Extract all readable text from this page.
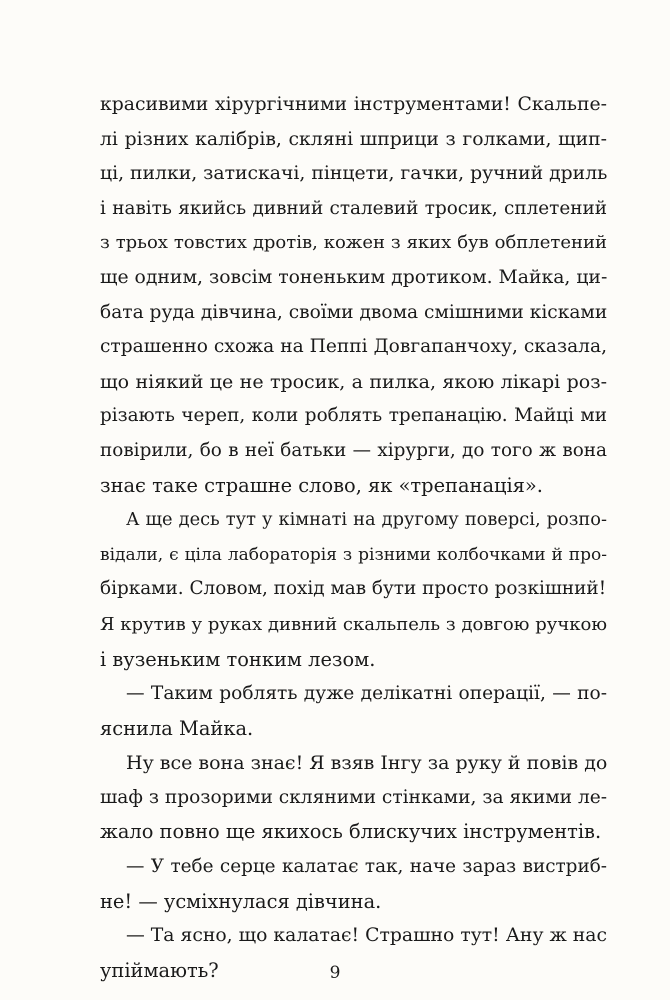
красивими хірургічними інструментами! Скальпе-
лі різних калібрів, скляні шприци з голками, щип-
ці, пилки, затискачі, пінцети, гачки, ручний дриль
і навіть якийсь дивний сталевий тросик, сплетений
з трьох товстих дротів, кожен з яких був обплетений
ще одним, зовсім тоненьким дротиком. Майка, ци-
бата руда дівчина, своїми двома смішними кісками
страшенно схожа на Пеппі Довгапанчоху, сказала,
що ніякий це не тросик, а пилка, якою лікарі роз-
різають череп, коли роблять трепанацію. Майці ми
повірили, бо в неї батьки — хірурги, до того ж вона
знає таке страшне слово, як «трепанація».
А ще десь тут у кімнаті на другому поверсі, розпо-
відали, є ціла лабораторія з різними колбочками й про-
бірками. Словом, похід мав бути просто розкішний!
Я крутив у руках дивний скальпель з довгою ручкою
і вузеньким тонким лезом.
— Таким роблять дуже делікатні операції, — по-
яснила Майка.
Ну все вона знає! Я взяв Інгу за руку й повів до
шаф з прозорими скляними стінками, за якими ле-
жало повно ще якихось блискучих інструментів.
— У тебе серце калатає так, наче зараз вистриб-
не! — усміхнулася дівчина.
— Та ясно, що калатає! Страшно тут! Ану ж нас
упіймають?	9
